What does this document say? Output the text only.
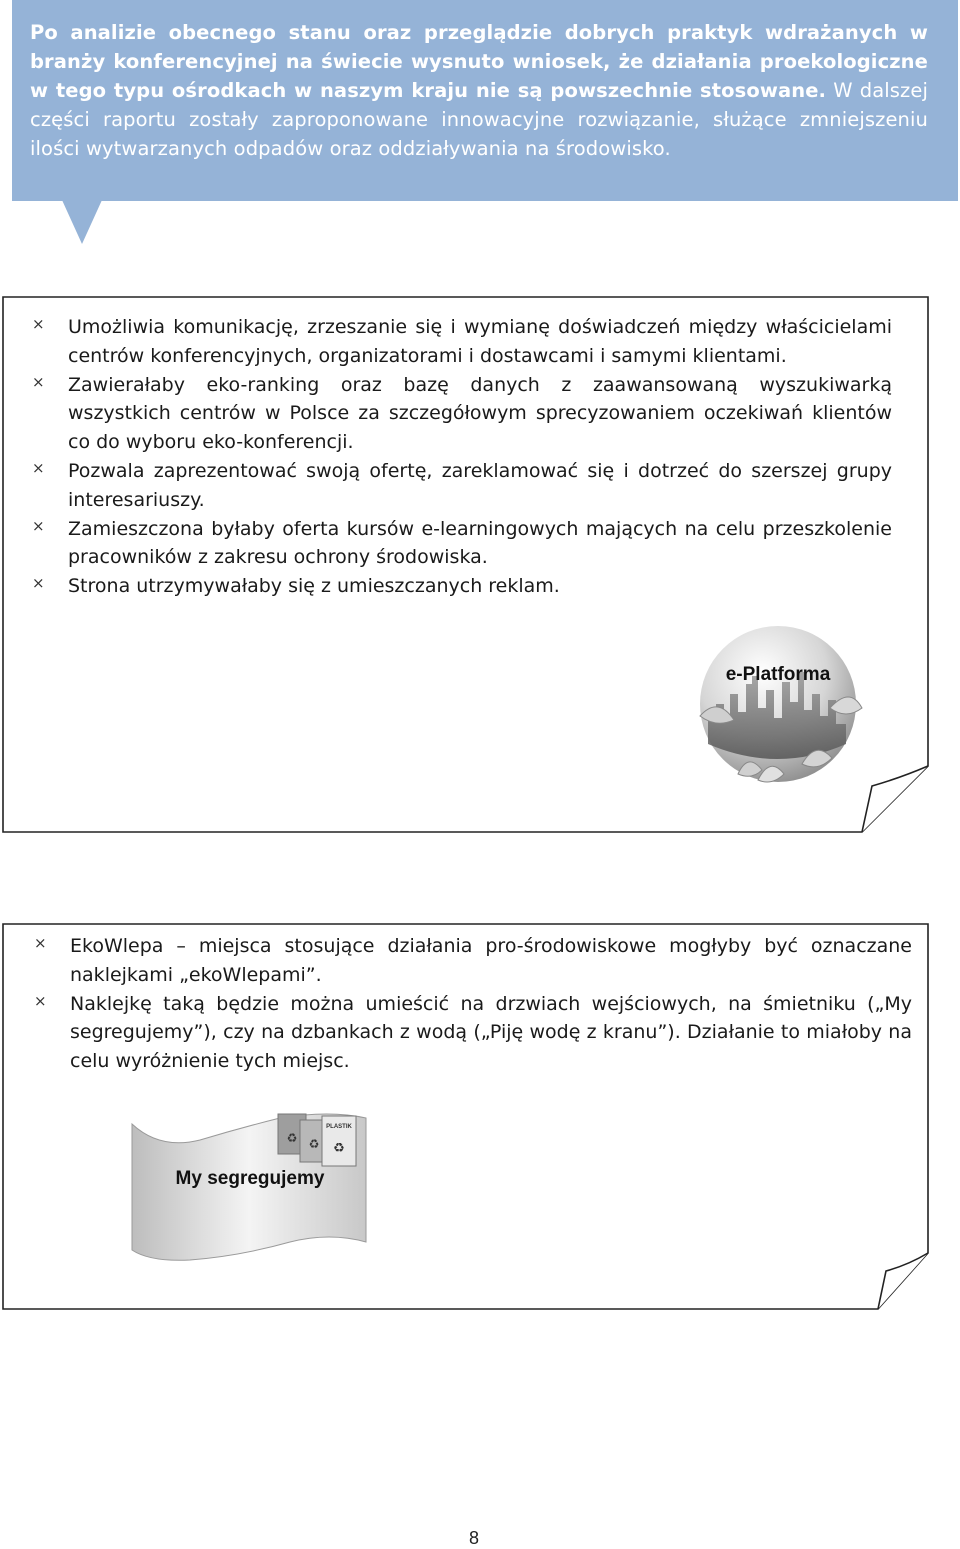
Po analizie obecnego stanu oraz przeglądzie dobrych praktyk wdrażanych w branży konferencyjnej na świecie wysnuto wniosek, że działania proekologiczne w tego typu ośrodkach w naszym kraju nie są powszechnie stosowane. W dalszej części raportu zostały zaproponowane innowacyjne rozwiązanie, służące zmniejszeniu ilości wytwarzanych odpadów oraz oddziaływania na środowisko.

× Umożliwia komunikację, zrzeszanie się i wymianę doświadczeń między właścicielami centrów konferencyjnych, organizatorami i dostawcami i samymi klientami.
× Zawierałaby eko-ranking oraz bazę danych z zaawansowaną wyszukiwarką wszystkich centrów w Polsce za szczegółowym sprecyzowaniem oczekiwań klientów co do wyboru eko-konferencji.
× Pozwala zaprezentować swoją ofertę, zareklamować się i dotrzeć do szerszej grupy interesariuszy.
× Zamieszczona byłaby oferta kursów e-learningowych mających na celu przeszkolenie pracowników z zakresu ochrony środowiska.
× Strona utrzymywałaby się z umieszczanych reklam.
e-Platforma
× EkoWlepa – miejsca stosujące działania pro-środowiskowe mogłyby być oznaczane naklejkami „ekoWlepami”.
× Naklejkę taką będzie można umieścić na drzwiach wejściowych, na śmietniku („My segregujemy”), czy na dzbankach z wodą („Piję wodę z kranu”). Działanie to miałoby na celu wyróżnienie tych miejsc.
PLASTIK
♻ ♻ ♻
My segregujemy
8
